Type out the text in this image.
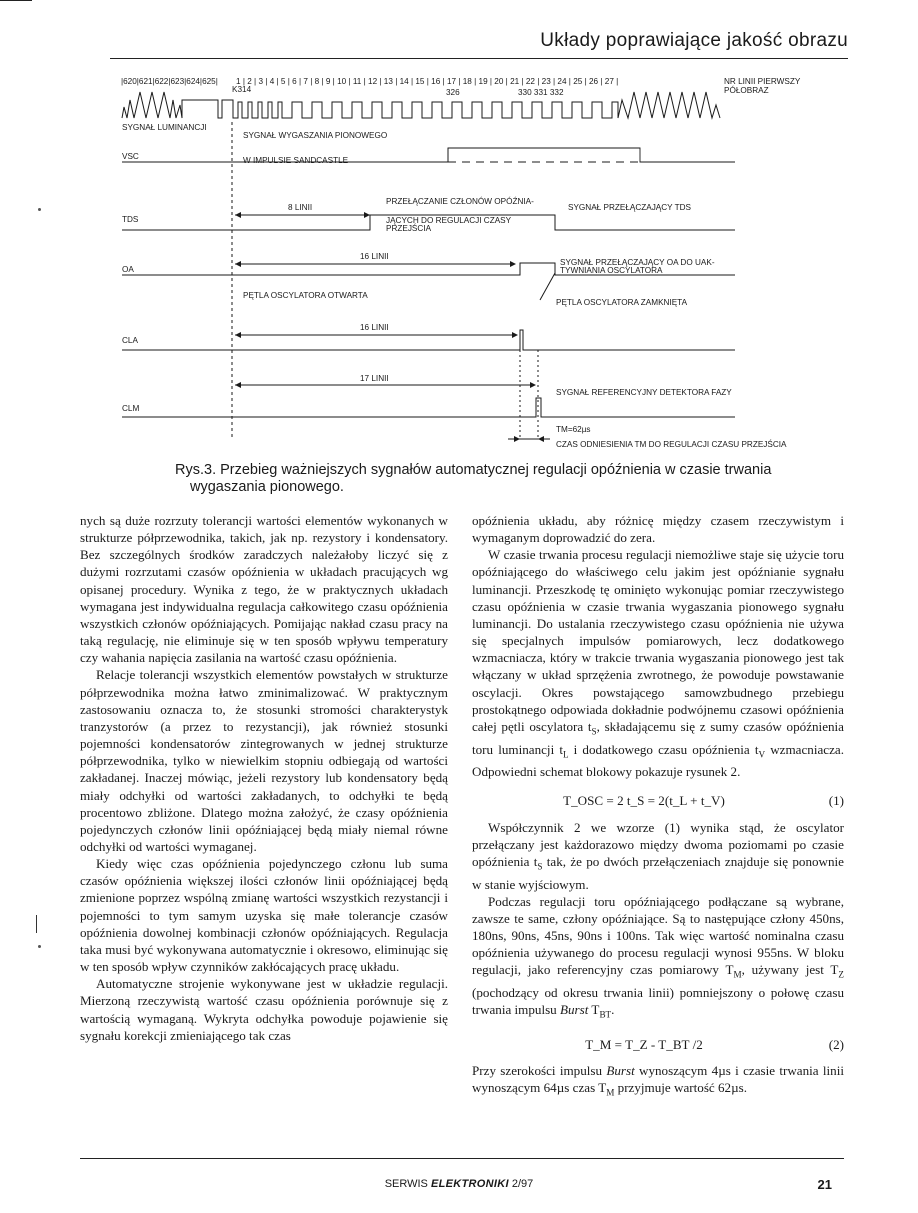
Układy poprawiające jakość obrazu
|620|621|622|623|624|625| 1 | 2 | 3 | 4 | 5 | 6 | 7 | 8 | 9 | 10 | 11 | 12 | 13 | 14 | 15 | 16 | 17 | 18 | 19 | 20 | 21 | 22 | 23 | 24 | 25 | 26 | 27 |
K314	326	330 331 332
NR LINII PIERWSZY
PÓŁOBRAZ
SYGNAŁ LUMINANCJI
SYGNAŁ WYGASZANIA PIONOWEGO
VSC	W IMPULSIE SANDCASTLE
TDS
8 LINII
PRZEŁĄCZANIE CZŁONÓW OPÓŹNIA-
JĄCYCH DO REGULACJI CZASY
PRZEJŚCIA
SYGNAŁ PRZEŁĄCZAJĄCY TDS
16 LINII
OA
SYGNAŁ PRZEŁĄCZAJĄCY OA DO UAK-
TYWNIANIA OSCYLATORA
PĘTLA OSCYLATORA OTWARTA
PĘTLA OSCYLATORA ZAMKNIĘTA
16 LINII
CLA
17 LINII
SYGNAŁ REFERENCYJNY DETEKTORA FAZY
CLM
TM=62µs
CZAS ODNIESIENIA TM DO REGULACJI CZASU PRZEJŚCIA
Rys.3. Przebieg ważniejszych sygnałów automatycznej regulacji opóźnienia w czasie trwania
wygaszania pionowego.

nych są duże rozrzuty tolerancji wartości elementów wykonanych w strukturze półprzewodnika, takich, jak np. rezystory i kondensatory. Bez szczególnych środków zaradczych należałoby liczyć się z dużymi rozrzutami czasów opóźnienia w układach pracujących wg opisanej procedury. Wynika z tego, że w praktycznych układach wymagana jest indywidualna regulacja całkowitego czasu opóźnienia wszystkich członów opóźniających. Pomijając nakład czasu pracy na taką regulację, nie eliminuje się w ten sposób wpływu temperatury czy wahania napięcia zasilania na wartość czasu opóźnienia.

Relacje tolerancji wszystkich elementów powstałych w strukturze półprzewodnika można łatwo zminimalizować. W praktycznym zastosowaniu oznacza to, że stosunki stromości charakterystyk tranzystorów (a przez to rezystancji), jak również stosunki pojemności kondensatorów zintegrowanych w jednej strukturze półprzewodnika, tylko w niewielkim stopniu odbiegają od wartości zakładanej. Inaczej mówiąc, jeżeli rezystory lub kondensatory będą miały odchyłki od wartości zakładanych, to odchyłki te będą procentowo zbliżone. Dlatego można założyć, że czasy opóźnienia pojedynczych członów linii opóźniającej będą miały niemal równe odchyłki od wartości wymaganej.

Kiedy więc czas opóźnienia pojedynczego członu lub suma czasów opóźnienia większej ilości członów linii opóźniającej będą zmienione poprzez wspólną zmianę wartości wszystkich rezystancji i pojemności to tym samym uzyska się małe tolerancje czasów opóźnienia dowolnej kombinacji członów opóźniających. Regulacja taka musi być wykonywana automatycznie i okresowo, eliminując się w ten sposób wpływ czynników zakłócających pracę układu.

Automatyczne strojenie wykonywane jest w układzie regulacji. Mierzoną rzeczywistą wartość czasu opóźnienia porównuje się z wartością wymaganą. Wykryta odchyłka powoduje pojawienie się sygnału korekcji zmieniającego tak czas

opóźnienia układu, aby różnicę między czasem rzeczywistym i wymaganym doprowadzić do zera.

W czasie trwania procesu regulacji niemożliwe staje się użycie toru opóźniającego do właściwego celu jakim jest opóźnianie sygnału luminancji. Przeszkodę tę ominięto wykonując pomiar rzeczywistego czasu opóźnienia w czasie trwania wygaszania pionowego sygnału luminancji. Do ustalania rzeczywistego czasu opóźnienia nie używa się specjalnych impulsów pomiarowych, lecz dodatkowego wzmacniacza, który w trakcie trwania wygaszania pionowego jest tak włączany w układ sprzężenia zwrotnego, że powoduje powstawanie oscylacji. Okres powstającego samowzbudnego przebiegu prostokątnego odpowiada dokładnie podwójnemu czasowi opóźnienia całej pętli oscylatora $t_S$, składającemu się z sumy czasów opóźnienia toru luminancji $t_L$ i dodatkowego czasu opóźnienia $t_V$ wzmacniacza. Odpowiedni schemat blokowy pokazuje rysunek 2.

T_OSC = 2 t_S = 2(t_L + t_V)	(1)

Współczynnik 2 we wzorze (1) wynika stąd, że oscylator przełączany jest każdorazowo między dwoma poziomami po czasie opóźnienia $t_S$ tak, że po dwóch przełączeniach znajduje się ponownie w stanie wyjściowym.

Podczas regulacji toru opóźniającego podłączane są wybrane, zawsze te same, człony opóźniające. Są to następujące człony 450ns, 180ns, 90ns, 45ns, 90ns i 100ns. Tak więc wartość nominalna czasu opóźnienia używanego do procesu regulacji wynosi 955ns. W bloku regulacji, jako referencyjny czas pomiarowy $T_M$, używany jest $T_Z$ (pochodzący od okresu trwania linii) pomniejszony o połowę czasu trwania impulsu Burst $T_{BT}$.

T_M = T_Z - T_BT /2	(2)

Przy szerokości impulsu Burst wynoszącym 4µs i czasie trwania linii wynoszącym 64µs czas $T_M$ przyjmuje wartość 62µs.

SERWIS ELEKTRONIKI 2/97	21
